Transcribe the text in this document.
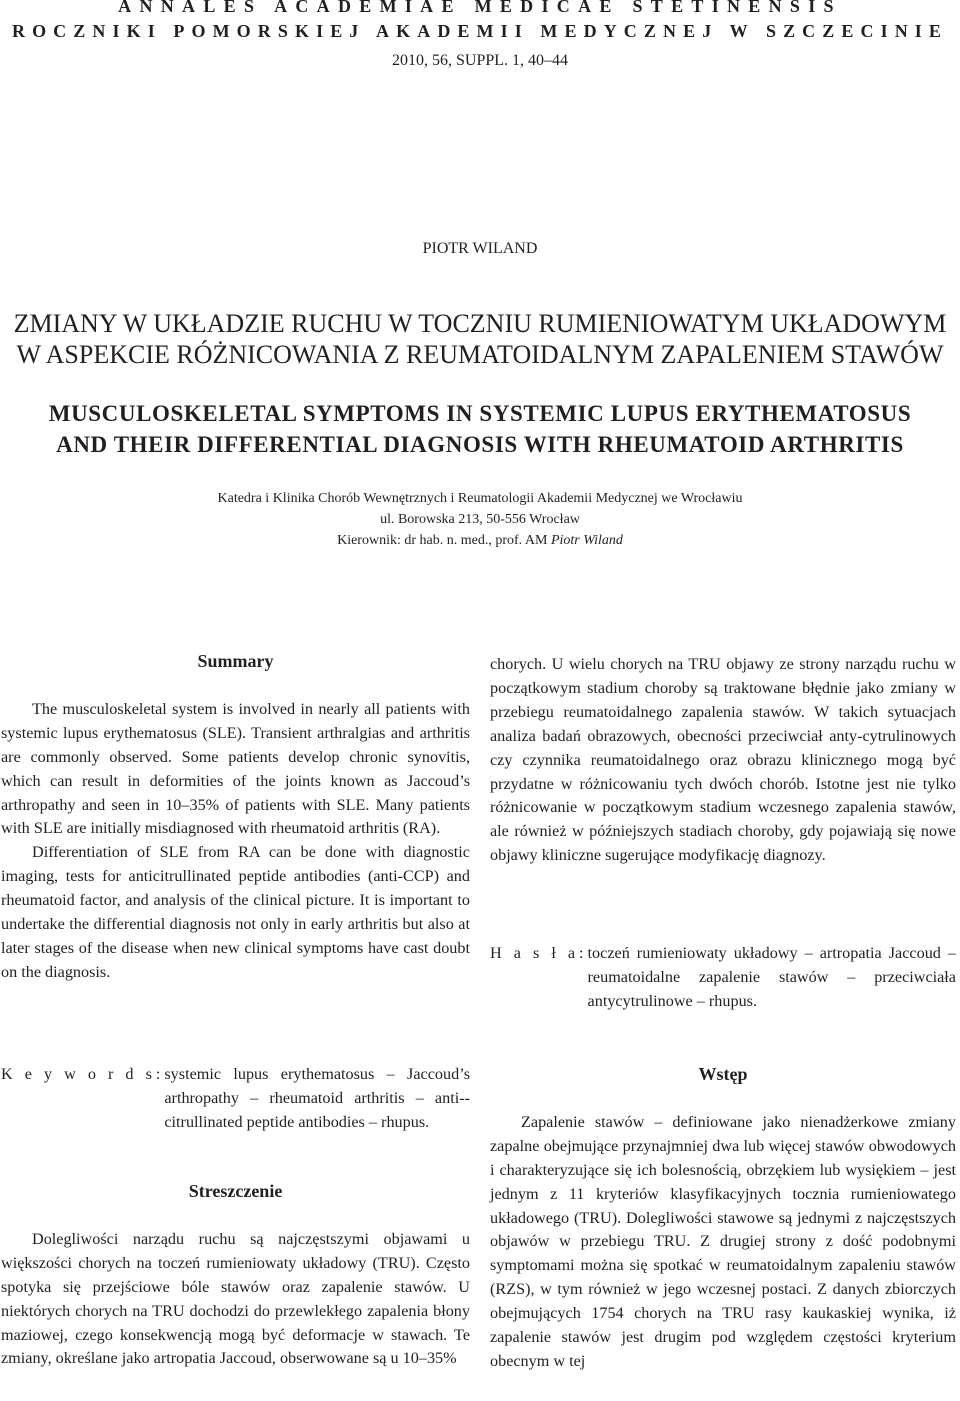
ANNALES ACADEMIAE MEDICAE STETINENSIS
ROCZNIKI POMORSKIEJ AKADEMII MEDYCZNEJ W SZCZECINIE
2010, 56, SUPPL. 1, 40–44
PIOTR WILAND
ZMIANY W UKŁADZIE RUCHU W TOCZNIU RUMIENIOWATYM UKŁADOWYM
W ASPEKCIE RÓŻNICOWANIA Z REUMATOIDALNYM ZAPALENIEM STAWÓW
MUSCULOSKELETAL SYMPTOMS IN SYSTEMIC LUPUS ERYTHEMATOSUS
AND THEIR DIFFERENTIAL DIAGNOSIS WITH RHEUMATOID ARTHRITIS
Katedra i Klinika Chorób Wewnętrznych i Reumatologii Akademii Medycznej we Wrocławiu
ul. Borowska 213, 50-556 Wrocław
Kierownik: dr hab. n. med., prof. AM Piotr Wiland
Summary

The musculoskeletal system is involved in nearly all patients with systemic lupus erythematosus (SLE). Transient arthralgias and arthritis are commonly observed. Some patients develop chronic synovitis, which can result in deformities of the joints known as Jaccoud’s arthropathy and seen in 10–35% of patients with SLE. Many patients with SLE are initially misdiagnosed with rheumatoid arthritis (RA).

Differentiation of SLE from RA can be done with diagnostic imaging, tests for anticitrullinated peptide antibodies (anti-CCP) and rheumatoid factor, and analysis of the clinical picture. It is important to undertake the differential diagnosis not only in early arthritis but also at later stages of the disease when new clinical symptoms have cast doubt on the diagnosis.

K e y w o r d s:	systemic lupus erythematosus – Jaccoud’s arthropathy – rheumatoid arthritis – anti--citrullinated peptide antibodies – rhupus.
Streszczenie

Dolegliwości narządu ruchu są najczęstszymi objawami u większości chorych na toczeń rumieniowaty układowy (TRU). Często spotyka się przejściowe bóle stawów oraz zapalenie stawów. U niektórych chorych na TRU dochodzi do przewlekłego zapalenia błony maziowej, czego konsekwencją mogą być deformacje w stawach. Te zmiany, określane jako artropatia Jaccoud, obserwowane są u 10–35%

chorych. U wielu chorych na TRU objawy ze strony narządu ruchu w początkowym stadium choroby są traktowane błędnie jako zmiany w przebiegu reumatoidalnego zapalenia stawów. W takich sytuacjach analiza badań obrazowych, obecności przeciwciał anty-cytrulinowych czy czynnika reumatoidalnego oraz obrazu klinicznego mogą być przydatne w różnicowaniu tych dwóch chorób. Istotne jest nie tylko różnicowanie w początkowym stadium wczesnego zapalenia stawów, ale również w późniejszych stadiach choroby, gdy pojawiają się nowe objawy kliniczne sugerujące modyfikację diagnozy.
H a s ł a:	toczeń rumieniowaty układowy – artropatia Jaccoud – reumatoidalne zapalenie stawów – przeciwciała antycytrulinowe – rhupus.
Wstęp

Zapalenie stawów – definiowane jako nienadżerkowe zmiany zapalne obejmujące przynajmniej dwa lub więcej stawów obwodowych i charakteryzujące się ich bolesnością, obrzękiem lub wysiękiem – jest jednym z 11 kryteriów klasyfikacyjnych tocznia rumieniowatego układowego (TRU). Dolegliwości stawowe są jednymi z najczęstszych objawów w przebiegu TRU. Z drugiej strony z dość podobnymi symptomami można się spotkać w reumatoidalnym zapaleniu stawów (RZS), w tym również w jego wczesnej postaci. Z danych zbiorczych obejmujących 1754 chorych na TRU rasy kaukaskiej wynika, iż zapalenie stawów jest drugim pod względem częstości kryterium obecnym w tej
